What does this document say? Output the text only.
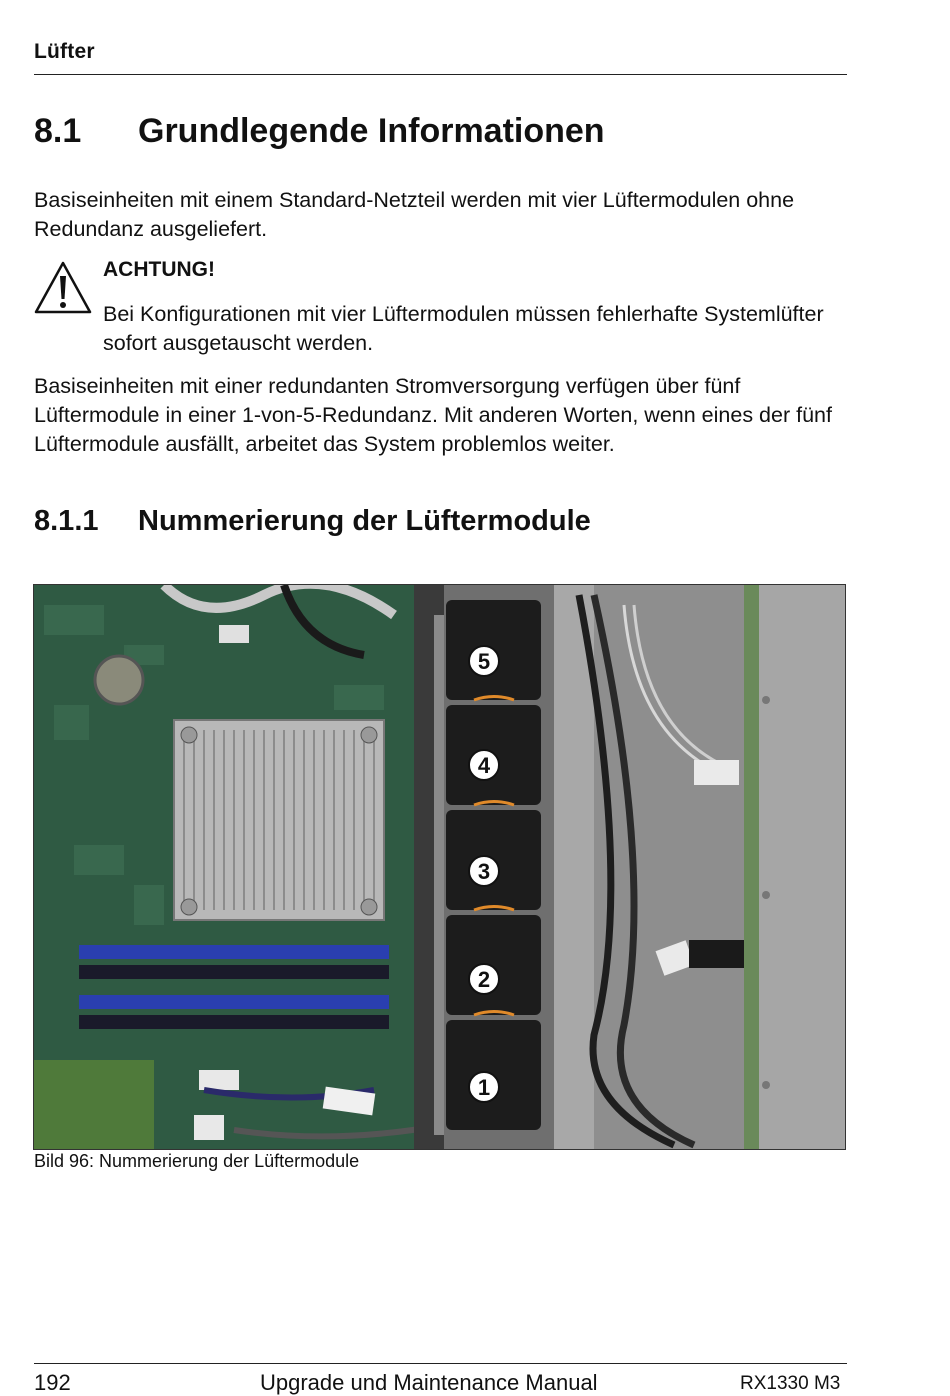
Lüfter
8.1 Grundlegende Informationen
Basiseinheiten mit einem Standard-Netzteil werden mit vier Lüftermodulen ohne Redundanz ausgeliefert.
ACHTUNG!
Bei Konfigurationen mit vier Lüftermodulen müssen fehlerhafte Systemlüfter sofort ausgetauscht werden.
Basiseinheiten mit einer redundanten Stromversorgung verfügen über fünf Lüftermodule in einer 1-von-5-Redundanz. Mit anderen Worten, wenn eines der fünf Lüftermodule ausfällt, arbeitet das System problemlos weiter.
8.1.1 Nummerierung der Lüftermodule
5
4
3
2
1
Bild 96: Nummerierung der Lüftermodule
192	Upgrade und Maintenance Manual	RX1330 M3
